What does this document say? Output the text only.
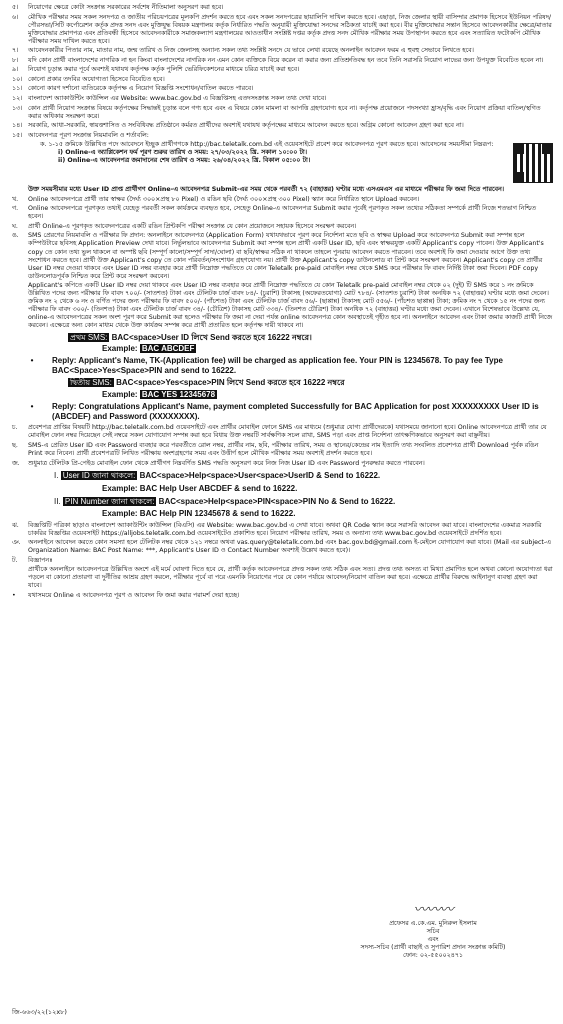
৫।	নিয়োগের ক্ষেত্রে কোটা সংক্রান্ত সরকারের সর্বশেষ নীতিমালা অনুসরণ করা হবে।
৬।	মৌখিক পরীক্ষার সময় সকল সনদপত্র ও জাতীয় পরিচয়পত্রের মূলকপি প্রদর্শন করতে হবে এবং সকল সনদপত্রের ছায়ালিপি দাখিল করতে হবে। এছাড়া, নিজ জেলার স্থায়ী বাসিন্দার প্রমাণক হিসেবে ইউনিয়ন পরিষদ/পৌরসভা/সিটি কর্পোরেশন কর্তৃক প্রদত্ত সনদ এবং মুক্তিযুদ্ধ বিষয়ক মন্ত্রণালয় কর্তৃক নির্ধারিত পদ্ধতি অনুযায়ী মুক্তিযোদ্ধা সনদের সঠিকতা যাচাই করা হবে। বীর মুক্তিযোদ্ধার সন্তান হিসেবে আবেদনকারীর ক্ষেত্রে/মাতার মুক্তিযোদ্ধার প্রমাণপত্র এবং প্রতিবন্ধী হিসেবে আবেদনকারীকে সমাজকল্যাণ মন্ত্রণালয়ের আওতাধীন সংশ্লিষ্ট দপ্তর কর্তৃক প্রদত্ত সনদ মৌখিক পরীক্ষার সময় উপস্থাপন করতে হবে এবং সত্যায়িত ফটোকপি মৌখিক পরীক্ষার সময় দাখিল করতে হবে।
৭।	আবেদনকারীর পিতার নাম, মাতার নাম, জন্ম তারিখ ও নিজ জেলাসহ অন্যান্য সকল তথ্য সংশ্লিষ্ট সনদে যে ভাবে লেখা রয়েছে অনলাইন আবেদন ফরম এ হুবহু সেভাবে লিখতে হবে।
৮।	যদি কোন প্রার্থী বাংলাদেশের নাগরিক না হন কিংবা বাংলাদেশের নাগরিক নন এমন কোন ব্যক্তিকে বিয়ে করেন বা করার জন্য প্রতিশ্রুতিবদ্ধ হন তবে তিনি সরাসরি নিয়োগ লাভের জন্য উপযুক্ত বিবেচিত হবেন না।
৯।	নিয়োগ চূড়ান্ত করার পূর্বে অবশ্যই যথাযথ কর্তৃপক্ষ কর্তৃক পুলিশি ভেরিফিকেশনের মাধ্যমে চরিত্র যাচাই করা হবে।
১০। কোনো প্রকার তদবির অযোগ্যতা হিসেবে বিবেচিত হবে।
১১। কোনো কারণ দর্শানো ব্যতিরেকে কর্তৃপক্ষ এ নিয়োগ বিজ্ঞপ্তি সংশোধন/বাতিল করতে পারবে।
১২। বাংলাদেশ অ্যাকাউন্টিং কাউন্সিল এর Website: www.bac.gov.bd এ বিজ্ঞপ্তিসহ এতদসংক্রান্ত সকল তথ্য দেখা যাবে।
১৩। কোন প্রার্থী নিয়োগ সংক্রান্ত বিষয়ে কর্তৃপক্ষের সিদ্ধান্তই চূড়ান্ত বলে গণ্য হবে এবং এ বিষয়ে কোন মামলা বা আপত্তি গ্রহণযোগ্য হবে না। কর্তৃপক্ষ প্রয়োজনে পদসংখ্যা হ্রাস/বৃদ্ধি এবং নিয়োগ প্রক্রিয়া বাতিল/স্থগিত করার অধিকার সংরক্ষণ করে।
১৪। সরকারি, আধা-সরকারি, স্বায়ত্তশাসিত ও সংবিধিবদ্ধ প্রতিষ্ঠানে কর্মরত প্রার্থীদের অবশ্যই যথাযথ কর্তৃপক্ষের মাধ্যমে আবেদন করতে হবে। অগ্রিম কোনো আবেদন গ্রহণ করা হবে না।
১৫। আবেদনপত্র পূরণ সংক্রান্ত নিয়মাবলি ও শর্তাবলি:
ক. ১-১৫ ক্রমিকে উল্লিখিত পদে আবেদনে ইচ্ছুক প্রার্থীগণকে http://bac.teletalk.com.bd এই ওয়েবসাইটে প্রবেশ করে আবেদনপত্র পূরণ করতে হবে। আবেদনের সময়সীমা নিম্নরূপ:
i) Online-এ অ্যাপ্লিকেশন ফর্ম পূরণ শুরুর তারিখ ও সময়: ২৭/০৩/২০২২ খ্রি. সকাল ১০:০০ টা।
ii) Online-এ আবেদনপত্র জমাদানের শেষ তারিখ ও সময়: ২৬/০৪/২০২২ খ্রি. বিকাল ০৫:০০ টা।
উক্ত সময়সীমার মধ্যে User ID প্রাপ্ত প্রার্থীগণ Online-এ আবেদনপত্র Submit-এর সময় থেকে পরবর্তী ৭২ (বাহাত্তর) ঘণ্টার মধ্যে এসএমএস এর মাধ্যমে পরীক্ষার ফি জমা দিতে পারবেন।
খ.	Online আবেদনপত্রে প্রার্থী তার স্বাক্ষর (দৈর্ঘ্য ৩০০×প্রস্থ ৮০ Pixel) ও রঙিন ছবি (দৈর্ঘ্য ৩০০×প্রস্থ ৩০০ Pixel) স্ক্যান করে নির্ধারিত স্থানে Upload করবেন।
গ.	Online আবেদনপত্রে পূরণকৃত তথ্যই যেহেতু পরবর্তী সকল কার্যক্রমে ব্যবহৃত হবে, সেহেতু Online-এ আবেদনপত্র Submit করার পূর্বেই পূরণকৃত সকল তথ্যের সঠিকতা সম্পর্কে প্রার্থী নিজে শতভাগ নিশ্চিত হবেন।
ঘ.	প্রার্থী Online-এ পূরণকৃত আবেদনপত্রের একটি রঙিন প্রিন্টকপি পরীক্ষা সংক্রান্ত যে কোন প্রয়োজনে সহায়ক হিসেবে সংরক্ষণ করবেন।
ঙ.	SMS প্রেরণের নিয়মাবলি ও পরীক্ষার ফি প্রদান: অনলাইনে আবেদনপত্র (Application Form) যথাযথভাবে পূরণ করে নির্দেশনা মতে ছবি ও স্বাক্ষর Upload করে আবেদনপত্র Submit করা সম্পন্ন হলে কম্পিউটারে ছবিসহ Application Preview দেখা যাবে। নির্ভুলভাবে আবেদনপত্র Submit করা সম্পন্ন হলে প্রার্থী একটি User ID, ছবি এবং স্বাক্ষরযুক্ত একটি Applicant's copy পাবেন। উক্ত Applicant's copy তে কোন তথ্য ভুল থাকলে বা অস্পষ্ট ছবি (সম্পূর্ণ কালো/সম্পূর্ণ সাদা/ঘোলা) বা ছবি/স্বাক্ষর সঠিক না থাকলে তাহলে পুনরায় আবেদন করতে পারবেন। তবে অবশ্যই ফি জমা দেওয়ার আগে উক্ত তথ্য সংশোধন করতে হবে। প্রার্থী উক্ত Applicant's copy তে কোন পরিবর্তন/সংশোধন গ্রহণযোগ্য নয়। প্রার্থী উক্ত Applicant's copy ডাউনলোড বা প্রিন্ট করে সংরক্ষণ করবেন। Applicant's copy তে প্রার্থীর User ID নম্বর দেওয়া থাকবে এবং User ID নম্বর ব্যবহার করে প্রার্থী নিম্নোক্ত পদ্ধতিতে যে কোন Teletalk pre-paid মোবাইল নম্বর থেকে SMS করে পরীক্ষার ফি বাবদ নির্দিষ্ট টাকা জমা দিবেন। PDF copy ডাউনলোডপূর্বক নিশ্চিত করে প্রিন্ট করে সংরক্ষণ করবেন।
Applicant's কপিতে একটি User ID নম্বর দেয়া থাকবে এবং User ID নম্বর ব্যবহার করে প্রার্থী নিম্নোক্ত পদ্ধতিতে যে কোন Teletalk pre-paid মোবাইল নম্বর থেকে ০২ (দুই) টি SMS করে ১ নং ক্রমিকে উল্লিখিত পদের জন্য পরীক্ষার ফি বাবদ ৭০০/- (সাতশত) টাকা এবং টেলিটক চার্জ বাবদ ৮৪/- (চুরাশি) টাকাসহ (অফেরতযোগ্য) মোট ৭৮৪/- (সাতশত চুরাশি) টাকা অনধিক ৭২ (বাহাত্তর) ঘণ্টার মধ্যে জমা দেবেন। ক্রমিক নং ২ থেকে ৬ নং ও বর্ণিত পদের জন্য পরীক্ষার ফি বাবদ ৫০০/- (পাঁচশত) টাকা এবং টেলিটক চার্জ বাবদ ৫৬/- (ছাপ্পান্ন) টাকাসহ মোট ৫৫৬/- (পাঁচশত ছাপ্পান্ন) টাকা; ক্রমিক নং ৭ থেকে ১৫ নং পদের জন্য পরীক্ষার ফি বাবদ ৩০০/- (তিনশত) টাকা এবং টেলিটক চার্জ বাবদ ৩৪/- (চৌত্রিশ) টাকাসহ মোট ৩৩৪/- (তিনশত চৌত্রিশ) টাকা অনধিক ৭২ (বাহাত্তর) ঘণ্টার মধ্যে জমা দেবেন। এখানে বিশেষভাবে উল্লেখ্য যে, online-এ আবেদনপত্রের সকল অংশ পূরণ করে Submit করা হলেও পরীক্ষার ফি জমা না দেয়া পর্যন্ত online আবেদনপত্র কোন অবস্থাতেই গৃহীত হবে না। অনলাইনে আবেদন এবং টাকা জমার কাজটি প্রার্থী নিজে করবেন। এক্ষেত্রে অন্য কোন মাধ্যম থেকে উক্ত কার্যক্রম সম্পন্ন করে প্রার্থী প্রতারিত হলে কর্তৃপক্ষ দায়ী থাকবে না।
প্রথম SMS: BAC<space>User ID লিখে Send করতে হবে 16222 নম্বরে।
Example: BAC ABCDEF
•	Reply: Applicant's Name, TK-(Application fee) will be charged as application fee. Your PIN is 12345678. To pay fee Type BAC<Space>Yes<Space>PIN and send to 16222.
দ্বিতীয় SMS: BAC<space>Yes<space>PIN লিখে Send করতে হবে 16222 নম্বরে
Example: BAC YES 12345678
•	Reply: Congratulations Applicant's Name, payment completed Successfully for BAC Application for post XXXXXXXXX User ID is (ABCDEF) and Password (XXXXXXXX).
চ.	প্রবেশপত্র প্রাপ্তির বিষয়টি http://bac.teletalk.com.bd ওয়েবসাইটে এবং প্রার্থীর মোবাইল ফোনে SMS এর মাধ্যমে (শুধুমাত্র যোগ্য প্রার্থীদেরকে) যথাসময়ে জানানো হবে। Online আবেদনপত্রে প্রার্থী তার যে মোবাইল ফোন নম্বর দিয়েছেন সেই নম্বরে সকল যোগাযোগ সম্পন্ন করা হবে বিধায় উক্ত নম্বরটি সার্বক্ষণিক সচল রাখা, SMS পড়া এবং প্রাপ্ত নির্দেশনা তাৎক্ষণিকভাবে অনুসরণ করা বাঞ্ছনীয়।
ছ.	SMS-এ প্রেরিত User ID এবং Password ব্যবহার করে পরবর্তীতে রোল নম্বর, প্রার্থীর নাম, ছবি, পরীক্ষার তারিখ, সময় ও স্থানের/কেন্দ্রের নাম ইত্যাদি তথ্য সংবলিত প্রবেশপত্র প্রার্থী Download পূর্বক রঙিন Print করে নিবেন। প্রার্থী প্রবেশপত্রটি লিখিত পরীক্ষায় অংশগ্রহণের সময় এবং উত্তীর্ণ হলে মৌখিক পরীক্ষার সময় অবশ্যই প্রদর্শন করতে হবে।
জ.	শুধুমাত্র টেলিটক প্রি-পেইড মোবাইল ফোন থেকে প্রার্থীগণ নিম্নবর্ণিত SMS পদ্ধতি অনুসরণ করে নিজ নিজ User ID এবং Password পুনরুদ্ধার করতে পারবেন।
I. User ID জানা থাকলে: BAC<space>Help<space>User<space>UserID & Send to 16222.
Example: BAC Help User ABCDEF & send to 16222.
II. PIN Number জানা থাকলে: BAC<space>Help<space>PIN<space>PIN No & Send to 16222.
Example: BAC Help PIN 12345678 & send to 16222.
ঝ.	বিজ্ঞপ্তিটি পত্রিকা ছাড়াও বাংলাদেশ অ্যাকাউন্টিং কাউন্সিল (বিএসি) এর Website: www.bac.gov.bd এ দেখা যাবে। অথবা QR Code স্ক্যান করে সরাসরি আবেদন করা যাবে। বাংলাদেশের একমাত্র সরকারি চাকরির বিজ্ঞপ্তির ওয়েবসাইট https://alljobs.teletalk.com.bd ওয়েবসাইটেও প্রকাশিত হবে। নিয়োগ পরীক্ষার তারিখ, সময় ও অন্যান্য তথ্য www.bac.gov.bd ওয়েবসাইটে প্রদর্শিত হবে।
ঞ.	অনলাইনে আবেদন করতে কোন সমস্যা হলে টেলিটক নম্বর থেকে ১২১ নম্বরে অথবা vas.query@teletalk.com.bd এবং bac.gov.bd@gmail.com ই-মেইলে যোগাযোগ করা যাবে। (Mail এর subject-এ Organization Name: BAC Post Name: ***, Applicant's User ID ও Contact Number অবশ্যই উল্লেখ করতে হবে)।
ট.	বিজ্ঞাপনঃ
প্রার্থীকে অনলাইনে আবেদনপত্রে উল্লিখিত অংশে এই মর্মে ঘোষণা দিতে হবে যে, প্রার্থী কর্তৃক আবেদনপত্রে প্রদত্ত সকল তথ্য সঠিক এবং সত্য। প্রদত্ত তথ্য অসত্য বা মিথ্যা প্রমাণিত হলে অথবা কোনো অযোগ্যতা ধরা পড়লে বা কোনো প্রতারণা বা দুর্নীতির আশ্রয় গ্রহণ করলে, পরীক্ষার পূর্বে বা পরে এমনকি নিয়োগের পরে যে কোন পর্যায়ে আবেদন/নিয়োগ বাতিল করা হবে। এক্ষেত্রে প্রার্থীর বিরুদ্ধে আইনানুগ ব্যবস্থা গ্রহণ করা যাবে।
•	যথাসময়ে Online এ আবেদনপত্র পূরণ ও আবেদন ফি জমা করার পরামর্শ দেয়া হচ্ছে।
〰〰〰
প্রফেসর এ.কে.এম. মুনিরুল ইসলাম
সচিব
এবং
সদস্য-সচিব (প্রার্থী বাছাই ও সুপারিশ প্রদান সংক্রান্ত কমিটি)
ফোন: ০২-৫৫০০২৪৭১
জি-৬৬৩/২২(১২x৮)
